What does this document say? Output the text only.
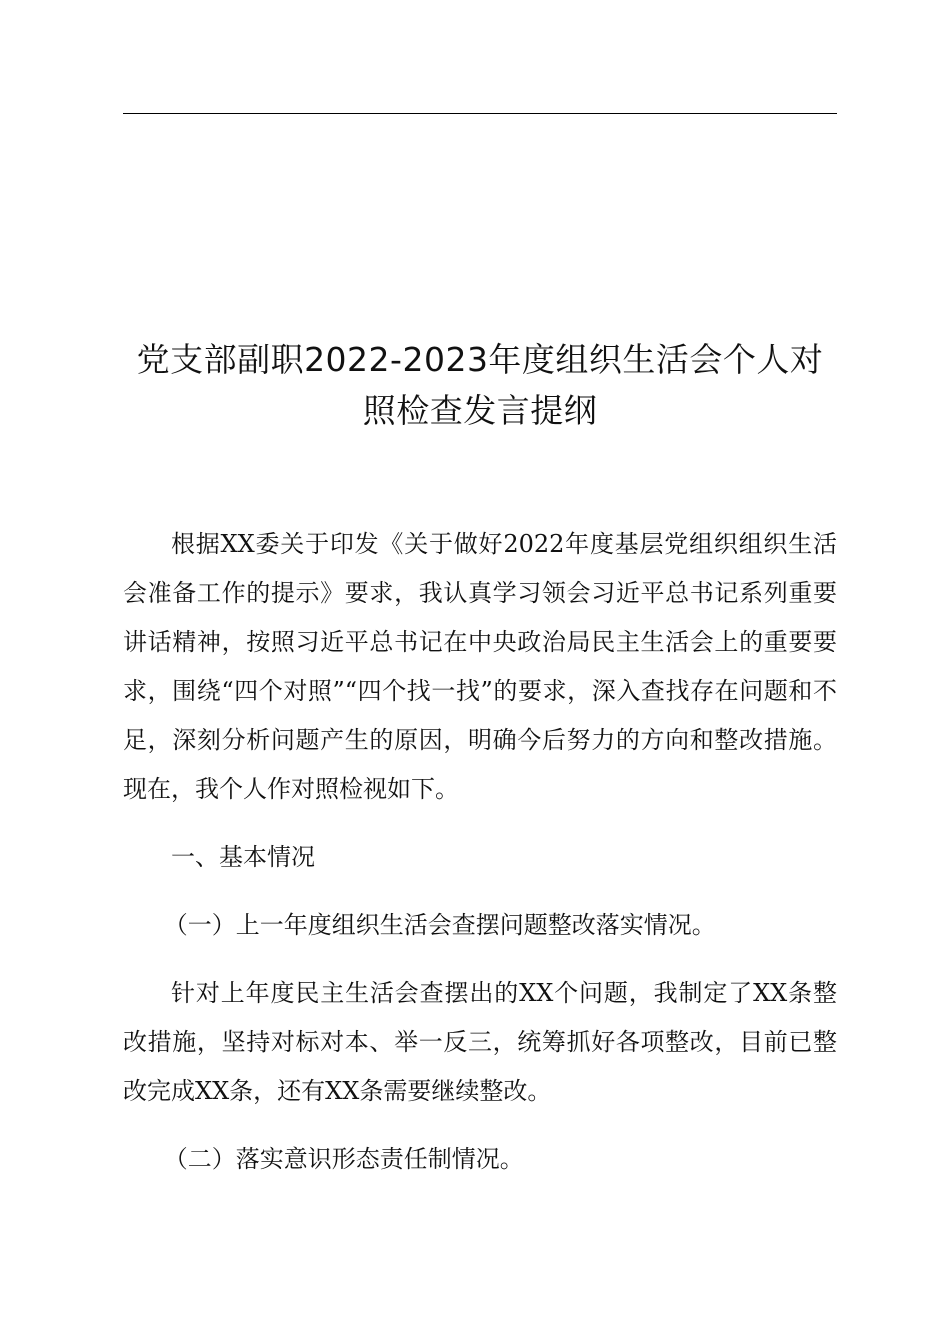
党支部副职2022-2023年度组织生活会个人对照检查发言提纲

根据XX委关于印发《关于做好2022年度基层党组织组织生活会准备工作的提示》要求，我认真学习领会习近平总书记系列重要讲话精神，按照习近平总书记在中央政治局民主生活会上的重要要求，围绕“四个对照”“四个找一找”的要求，深入查找存在问题和不足，深刻分析问题产生的原因，明确今后努力的方向和整改措施。现在，我个人作对照检视如下。

一、基本情况

（一）上一年度组织生活会查摆问题整改落实情况。

针对上年度民主生活会查摆出的XX个问题，我制定了XX条整改措施，坚持对标对本、举一反三，统筹抓好各项整改，目前已整改完成XX条，还有XX条需要继续整改。

（二）落实意识形态责任制情况。
